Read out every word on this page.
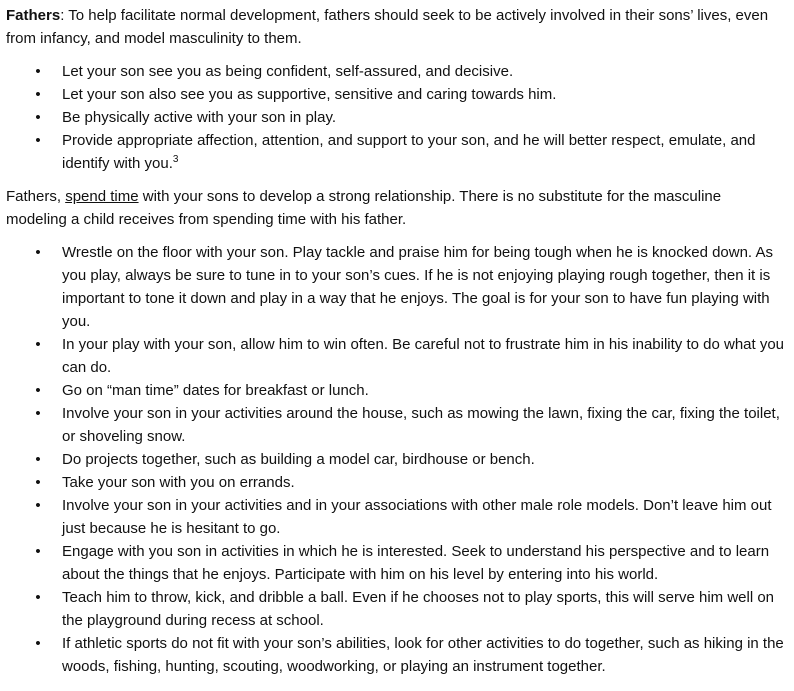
Fathers: To help facilitate normal development, fathers should seek to be actively involved in their sons’ lives, even from infancy, and model masculinity to them.

• Let your son see you as being confident, self-assured, and decisive.
• Let your son also see you as supportive, sensitive and caring towards him.
• Be physically active with your son in play.
• Provide appropriate affection, attention, and support to your son, and he will better respect, emulate, and identify with you.$^3$

Fathers, spend time with your sons to develop a strong relationship. There is no substitute for the masculine modeling a child receives from spending time with his father.

• Wrestle on the floor with your son. Play tackle and praise him for being tough when he is knocked down. As you play, always be sure to tune in to your son’s cues. If he is not enjoying playing rough together, then it is important to tone it down and play in a way that he enjoys. The goal is for your son to have fun playing with you.
• In your play with your son, allow him to win often. Be careful not to frustrate him in his inability to do what you can do.
• Go on “man time” dates for breakfast or lunch.
• Involve your son in your activities around the house, such as mowing the lawn, fixing the car, fixing the toilet, or shoveling snow.
• Do projects together, such as building a model car, birdhouse or bench.
• Take your son with you on errands.
• Involve your son in your activities and in your associations with other male role models. Don’t leave him out just because he is hesitant to go.
• Engage with you son in activities in which he is interested. Seek to understand his perspective and to learn about the things that he enjoys. Participate with him on his level by entering into his world.
• Teach him to throw, kick, and dribble a ball. Even if he chooses not to play sports, this will serve him well on the playground during recess at school.
• If athletic sports do not fit with your son’s abilities, look for other activities to do together, such as hiking in the woods, fishing, hunting, scouting, woodworking, or playing an instrument together.
